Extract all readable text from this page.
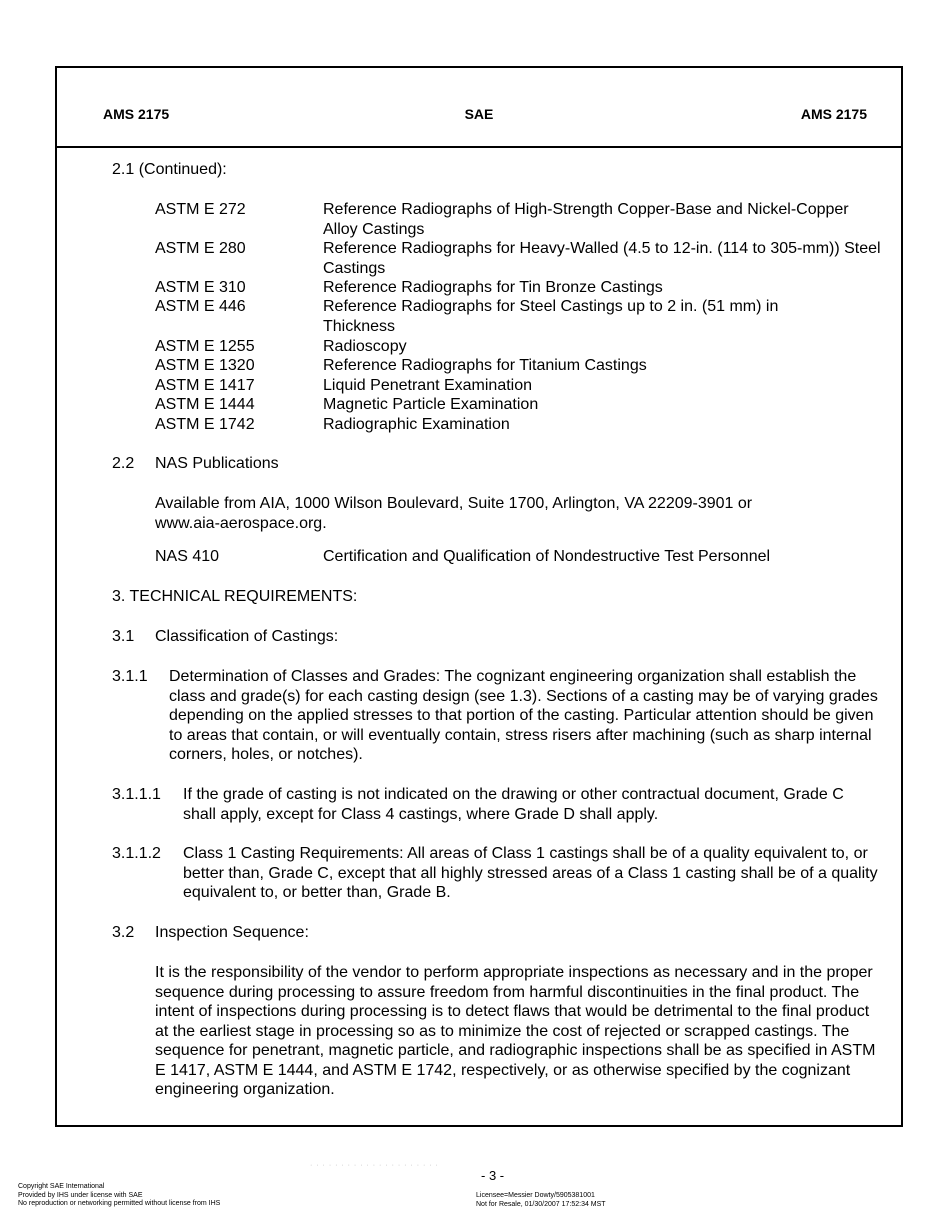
AMS 2175	SAE	AMS 2175
2.1 (Continued):
ASTM E 272	Reference Radiographs of High-Strength Copper-Base and Nickel-Copper Alloy Castings
ASTM E 280	Reference Radiographs for Heavy-Walled (4.5 to 12-in. (114 to 305-mm)) Steel Castings
ASTM E 310	Reference Radiographs for Tin Bronze Castings
ASTM E 446	Reference Radiographs for Steel Castings up to 2 in. (51 mm) in Thickness
ASTM E 1255	Radioscopy
ASTM E 1320	Reference Radiographs for Titanium Castings
ASTM E 1417	Liquid Penetrant Examination
ASTM E 1444	Magnetic Particle Examination
ASTM E 1742	Radiographic Examination
2.2 NAS Publications
Available from AIA, 1000 Wilson Boulevard, Suite 1700, Arlington, VA 22209-3901 or www.aia-aerospace.org.
NAS 410	Certification and Qualification of Nondestructive Test Personnel
3. TECHNICAL REQUIREMENTS:
3.1 Classification of Castings:
3.1.1 Determination of Classes and Grades: The cognizant engineering organization shall establish the class and grade(s) for each casting design (see 1.3). Sections of a casting may be of varying grades depending on the applied stresses to that portion of the casting. Particular attention should be given to areas that contain, or will eventually contain, stress risers after machining (such as sharp internal corners, holes, or notches).
3.1.1.1 If the grade of casting is not indicated on the drawing or other contractual document, Grade C shall apply, except for Class 4 castings, where Grade D shall apply.
3.1.1.2 Class 1 Casting Requirements: All areas of Class 1 castings shall be of a quality equivalent to, or better than, Grade C, except that all highly stressed areas of a Class 1 casting shall be of a quality equivalent to, or better than, Grade B.
3.2 Inspection Sequence:
It is the responsibility of the vendor to perform appropriate inspections as necessary and in the proper sequence during processing to assure freedom from harmful discontinuities in the final product. The intent of inspections during processing is to detect flaws that would be detrimental to the final product at the earliest stage in processing so as to minimize the cost of rejected or scrapped castings. The sequence for penetrant, magnetic particle, and radiographic inspections shall be as specified in ASTM E 1417, ASTM E 1444, and ASTM E 1742, respectively, or as otherwise specified by the cognizant engineering organization.
· · · · · · · · · · · · · · · · · · · · ·
- 3 -
Copyright SAE International
Provided by IHS under license with SAE
No reproduction or networking permitted without license from IHS
Licensee=Messier Dowty/5905381001
Not for Resale, 01/30/2007 17:52:34 MST
